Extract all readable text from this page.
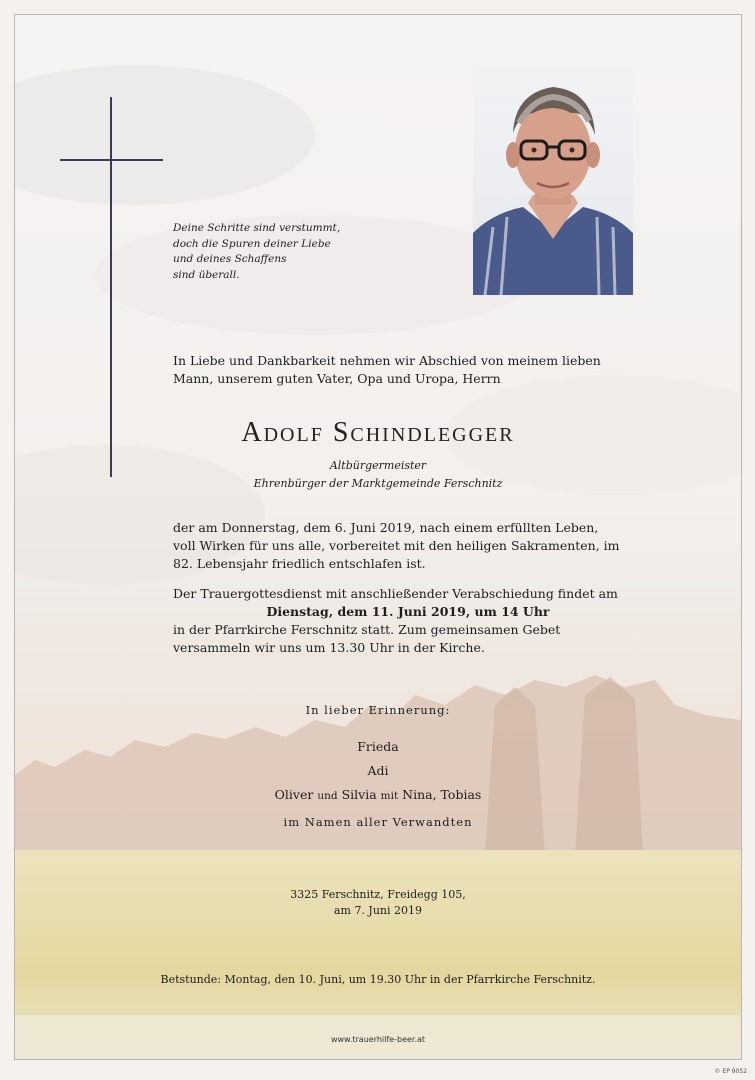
Deine Schritte sind verstummt,
doch die Spuren deiner Liebe
und deines Schaffens
sind überall.
In Liebe und Dankbarkeit nehmen wir Abschied von meinem lieben
Mann, unserem guten Vater, Opa und Uropa, Herrn
Adolf Schindlegger
Altbürgermeister
Ehrenbürger der Marktgemeinde Ferschnitz
der am Donnerstag, dem 6. Juni 2019, nach einem erfüllten Leben,
voll Wirken für uns alle, vorbereitet mit den heiligen Sakramenten, im
82. Lebensjahr friedlich entschlafen ist.
Der Trauergottesdienst mit anschließender Verabschiedung findet am
Dienstag, dem 11. Juni 2019, um 14 Uhr
in der Pfarrkirche Ferschnitz statt. Zum gemeinsamen Gebet
versammeln wir uns um 13.30 Uhr in der Kirche.
In lieber Erinnerung:
Frieda
Adi
Oliver und Silvia mit Nina, Tobias
im Namen aller Verwandten
3325 Ferschnitz, Freidegg 105,
am 7. Juni 2019
Betstunde: Montag, den 10. Juni, um 19.30 Uhr in der Pfarrkirche Ferschnitz.
www.trauerhilfe-beer.at
© EP 9052
